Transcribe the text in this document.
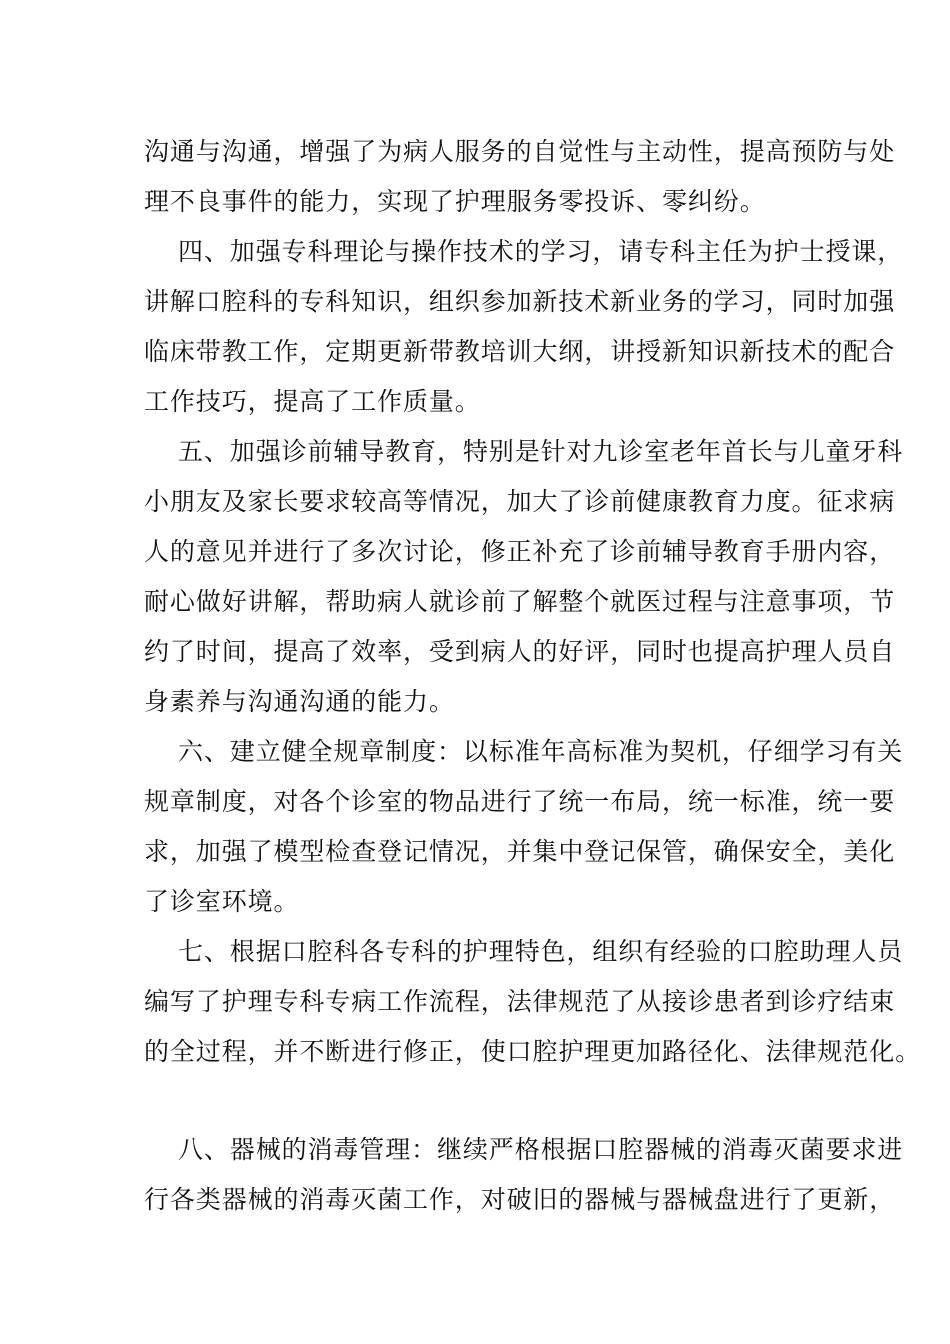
沟通与沟通，增强了为病人服务的自觉性与主动性，提高预防与处
理不良事件的能力，实现了护理服务零投诉、零纠纷。
四、加强专科理论与操作技术的学习，请专科主任为护士授课，
讲解口腔科的专科知识，组织参加新技术新业务的学习，同时加强
临床带教工作，定期更新带教培训大纲，讲授新知识新技术的配合
工作技巧，提高了工作质量。
五、加强诊前辅导教育，特别是针对九诊室老年首长与儿童牙科
小朋友及家长要求较高等情况，加大了诊前健康教育力度。征求病
人的意见并进行了多次讨论，修正补充了诊前辅导教育手册内容，
耐心做好讲解，帮助病人就诊前了解整个就医过程与注意事项，节
约了时间，提高了效率，受到病人的好评，同时也提高护理人员自
身素养与沟通沟通的能力。
六、建立健全规章制度：以标准年高标准为契机，仔细学习有关
规章制度，对各个诊室的物品进行了统一布局，统一标准，统一要
求，加强了模型检查登记情况，并集中登记保管，确保安全，美化
了诊室环境。
七、根据口腔科各专科的护理特色，组织有经验的口腔助理人员
编写了护理专科专病工作流程，法律规范了从接诊患者到诊疗结束
的全过程，并不断进行修正，使口腔护理更加路径化、法律规范化。
八、器械的消毒管理：继续严格根据口腔器械的消毒灭菌要求进
行各类器械的消毒灭菌工作，对破旧的器械与器械盘进行了更新，
